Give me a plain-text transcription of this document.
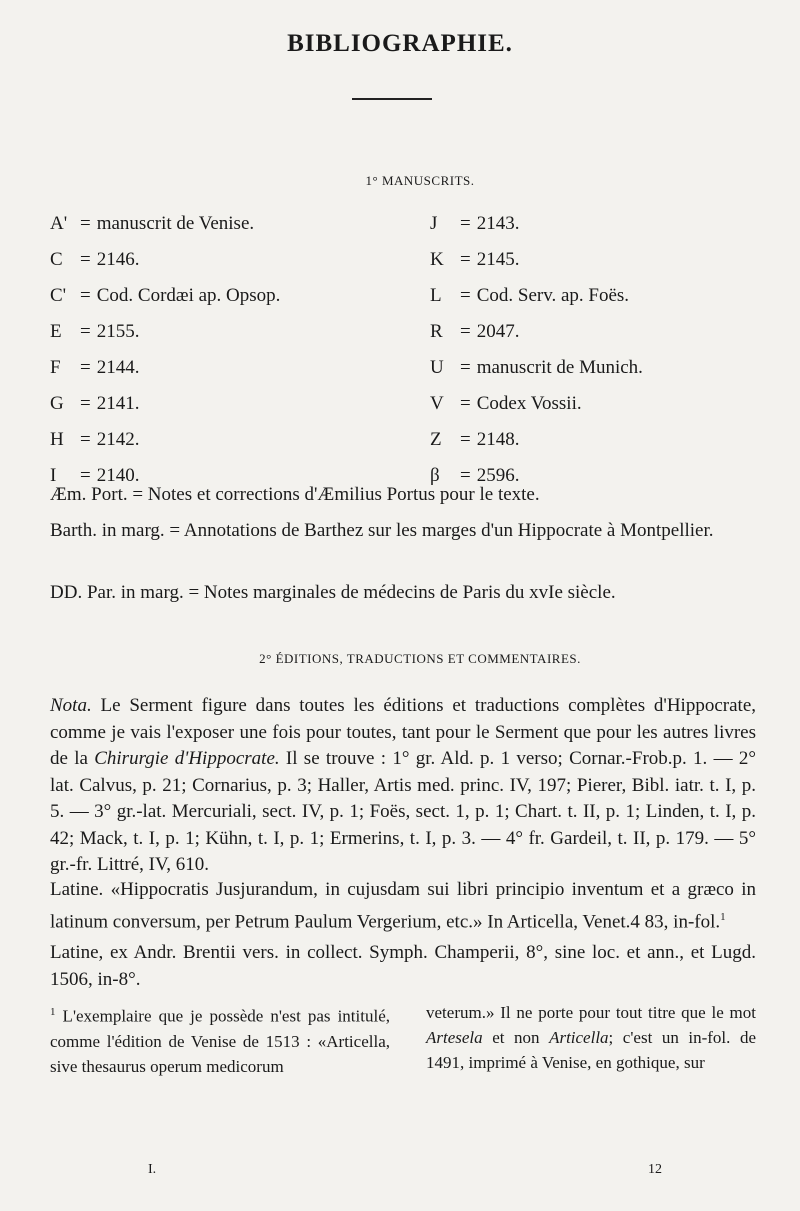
BIBLIOGRAPHIE.
1° MANUSCRITS.
A' = manuscrit de Venise.
C = 2146.
C' = Cod. Cordæi ap. Opsop.
E = 2155.
F = 2144.
G = 2141.
H = 2142.
I = 2140.
J = 2143.
K = 2145.
L = Cod. Serv. ap. Foës.
R = 2047.
U = manuscrit de Munich.
V = Codex Vossii.
Z = 2148.
β = 2596.
Æm. Port. = Notes et corrections d'Æmilius Portus pour le texte.
Barth. in marg. = Annotations de Barthez sur les marges d'un Hippocrate à Montpellier.
DD. Par. in marg. = Notes marginales de médecins de Paris du xvIe siècle.
2° ÉDITIONS, TRADUCTIONS ET COMMENTAIRES.
Nota. Le Serment figure dans toutes les éditions et traductions complètes d'Hippocrate, comme je vais l'exposer une fois pour toutes, tant pour le Serment que pour les autres livres de la Chirurgie d'Hippocrate. Il se trouve : 1° gr. Ald. p. 1 verso; Cornar.-Frob.p. 1. — 2° lat. Calvus, p. 21; Cornarius, p. 3; Haller, Artis med. princ. IV, 197; Pierer, Bibl. iatr. t. I, p. 5. — 3° gr.-lat. Mercuriali, sect. IV, p. 1; Foës, sect. 1, p. 1; Chart. t. II, p. 1; Linden, t. I, p. 42; Mack, t. I, p. 1; Kühn, t. I, p. 1; Ermerins, t. I, p. 3. — 4° fr. Gardeil, t. II, p. 179. — 5° gr.-fr. Littré, IV, 610.
Latine. «Hippocratis Jusjurandum, in cujusdam sui libri principio inventum et a græco in latinum conversum, per Petrum Paulum Vergerium, etc.» In Articella, Venet.4 83, in-fol.$^1$
Latine, ex Andr. Brentii vers. in collect. Symph. Champerii, 8°, sine loc. et ann., et Lugd. 1506, in-8°.
$^1$ L'exemplaire que je possède n'est pas intitulé, comme l'édition de Venise de 1513 : «Articella, sive thesaurus operum medicorum
veterum.» Il ne porte pour tout titre que le mot Artesela et non Articella; c'est un in-fol. de 1491, imprimé à Venise, en gothique, sur
I.	12
